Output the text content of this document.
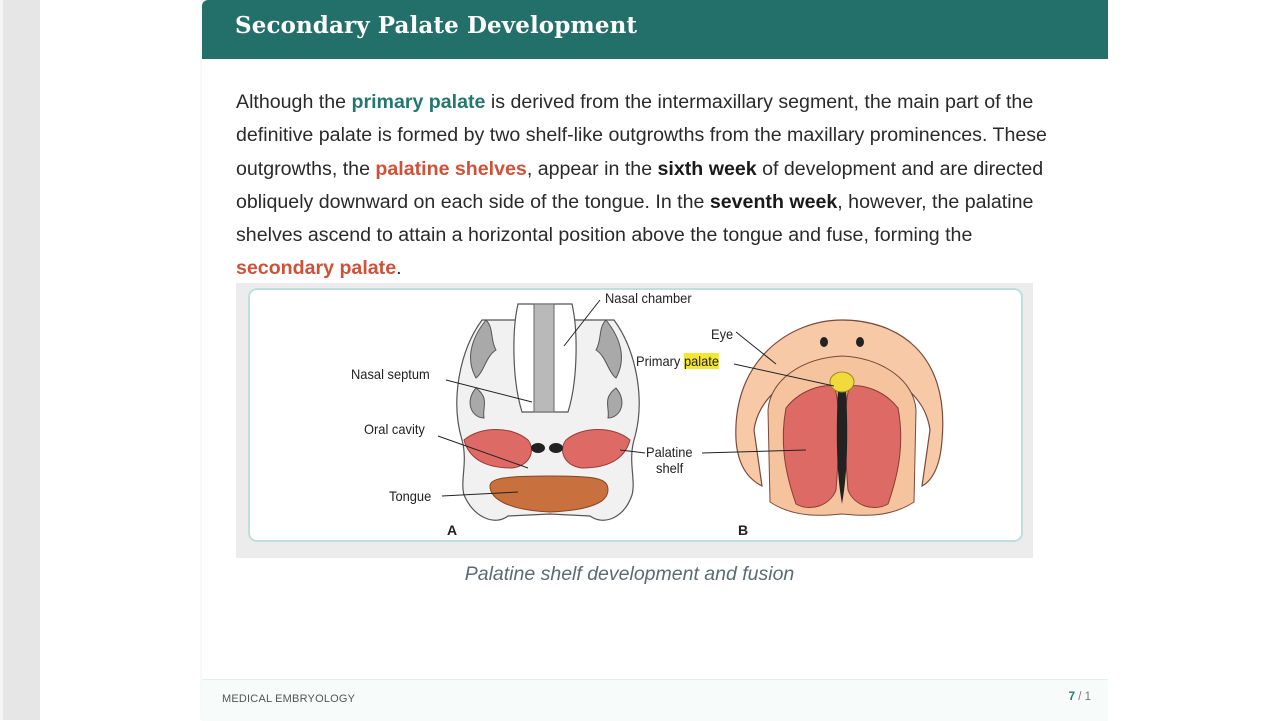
Secondary Palate Development

Although the primary palate is derived from the intermaxillary segment, the main part of the definitive palate is formed by two shelf-like outgrowths from the maxillary prominences. These outgrowths, the palatine shelves, appear in the sixth week of development and are directed obliquely downward on each side of the tongue. In the seventh week, however, the palatine shelves ascend to attain a horizontal position above the tongue and fuse, forming the secondary palate.

Nasal chamber
Nasal septum
Oral cavity
Tongue
A
Eye
Primary palate
Palatine
shelf
B
Palatine shelf development and fusion
MEDICAL EMBRYOLOGY	7 / 1
